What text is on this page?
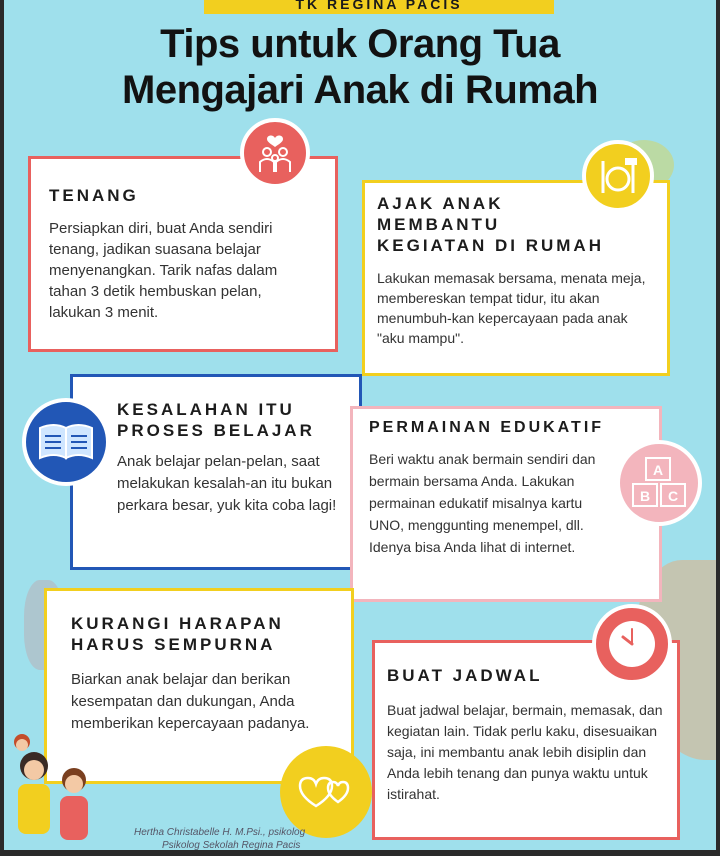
TK REGINA PACIS
Tips untuk Orang Tua
Mengajari Anak di Rumah
TENANG

Persiapkan diri, buat Anda sendiri tenang, jadikan suasana belajar menyenangkan. Tarik nafas dalam tahan 3 detik hembuskan pelan, lakukan 3 menit.

AJAK ANAK MEMBANTU KEGIATAN DI RUMAH

Lakukan memasak bersama, menata meja, membereskan tempat tidur, itu akan menumbuh-kan kepercayaan pada anak "aku mampu".

KESALAHAN ITU PROSES BELAJAR

Anak belajar pelan-pelan, saat melakukan kesalah-an itu bukan perkara besar, yuk kita coba lagi!

PERMAINAN EDUKATIF

Beri waktu anak bermain sendiri dan bermain bersama Anda. Lakukan permainan edukatif misalnya kartu UNO, menggunting menempel, dll. Idenya bisa Anda lihat di internet.

A
B C
KURANGI HARAPAN HARUS SEMPURNA

Biarkan anak belajar dan berikan kesempatan dan dukungan, Anda memberikan kepercayaan padanya.

BUAT JADWAL

Buat jadwal belajar, bermain, memasak, dan kegiatan lain. Tidak perlu kaku, disesuaikan saja, ini membantu anak lebih disiplin dan Anda lebih tenang dan punya waktu untuk istirahat.

Hertha Christabelle H. M.Psi., psikolog
Psikolog Sekolah Regina Pacis
